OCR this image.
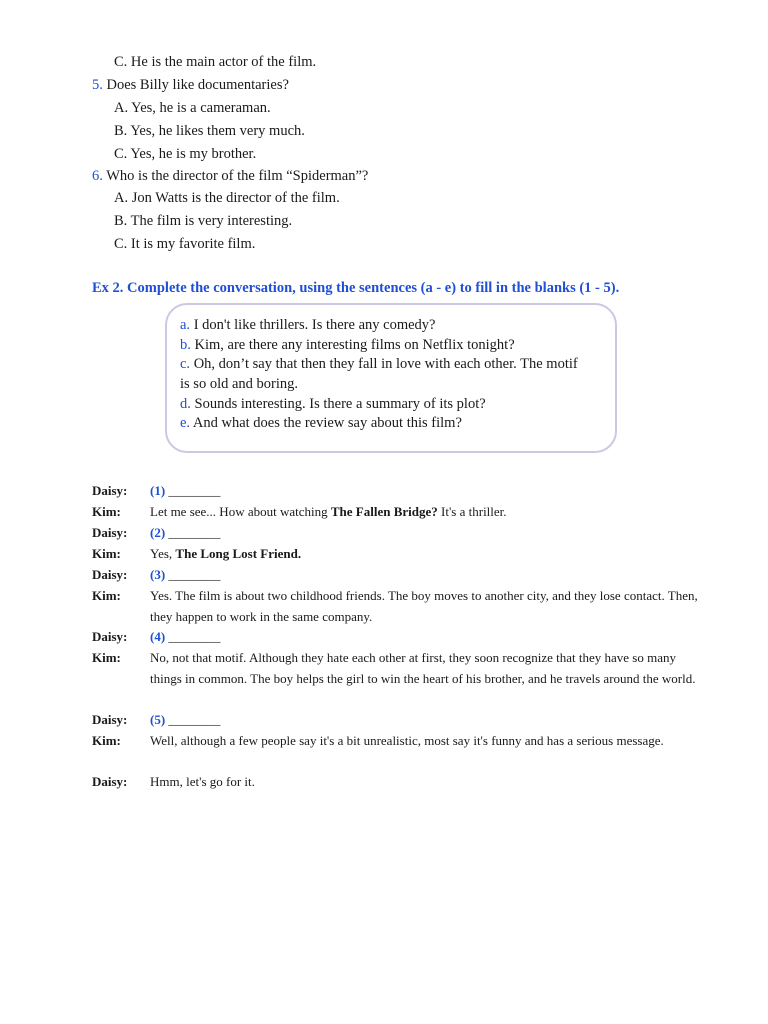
C. He is the main actor of the film.
5. Does Billy like documentaries?
A. Yes, he is a cameraman.
B. Yes, he likes them very much.
C. Yes, he is my brother.
6. Who is the director of the film “Spiderman”?
A. Jon Watts is the director of the film.
B. The film is very interesting.
C. It is my favorite film.
Ex 2. Complete the conversation, using the sentences (a - e) to fill in the blanks (1 - 5).
a. I don't like thrillers. Is there any comedy?
b. Kim, are there any interesting films on Netflix tonight?
c. Oh, don’t say that then they fall in love with each other. The motif is so old and boring.
d. Sounds interesting. Is there a summary of its plot?
e. And what does the review say about this film?
Daisy: (1) ________
Kim: Let me see... How about watching The Fallen Bridge? It's a thriller.
Daisy: (2) ________
Kim: Yes, The Long Lost Friend.
Daisy: (3) ________
Kim: Yes. The film is about two childhood friends. The boy moves to another city, and they lose contact. Then, they happen to work in the same company.
Daisy: (4) ________
Kim: No, not that motif. Although they hate each other at first, they soon recognize that they have so many things in common. The boy helps the girl to win the heart of his brother, and he travels around the world.
Daisy: (5) ________
Kim: Well, although a few people say it's a bit unrealistic, most say it's funny and has a serious message.
Daisy: Hmm, let's go for it.
